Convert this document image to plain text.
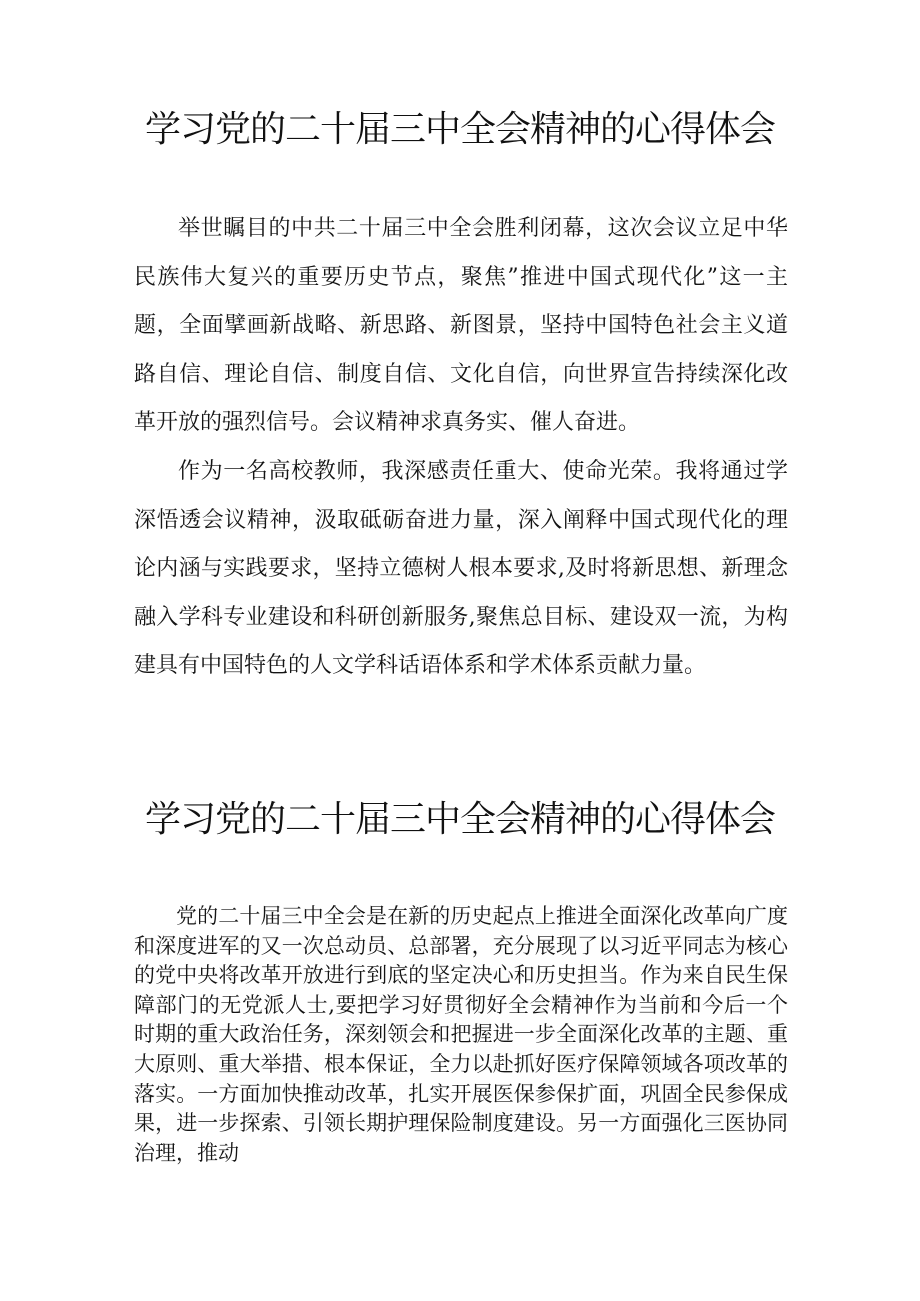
学习党的二十届三中全会精神的心得体会

举世瞩目的中共二十届三中全会胜利闭幕，这次会议立足中华民族伟大复兴的重要历史节点，聚焦”推进中国式现代化”这一主题，全面擘画新战略、新思路、新图景，坚持中国特色社会主义道路自信、理论自信、制度自信、文化自信，向世界宣告持续深化改革开放的强烈信号。会议精神求真务实、催人奋进。

作为一名高校教师，我深感责任重大、使命光荣。我将通过学深悟透会议精神，汲取砥砺奋进力量，深入阐释中国式现代化的理论内涵与实践要求，坚持立德树人根本要求,及时将新思想、新理念融入学科专业建设和科研创新服务,聚焦总目标、建设双一流，为构建具有中国特色的人文学科话语体系和学术体系贡献力量。

学习党的二十届三中全会精神的心得体会

党的二十届三中全会是在新的历史起点上推进全面深化改革向广度和深度进军的又一次总动员、总部署，充分展现了以习近平同志为核心的党中央将改革开放进行到底的坚定决心和历史担当。作为来自民生保障部门的无党派人士,要把学习好贯彻好全会精神作为当前和今后一个时期的重大政治任务，深刻领会和把握进一步全面深化改革的主题、重大原则、重大举措、根本保证，全力以赴抓好医疗保障领域各项改革的落实。一方面加快推动改革，扎实开展医保参保扩面，巩固全民参保成果，进一步探索、引领长期护理保险制度建设。另一方面强化三医协同治理，推动
